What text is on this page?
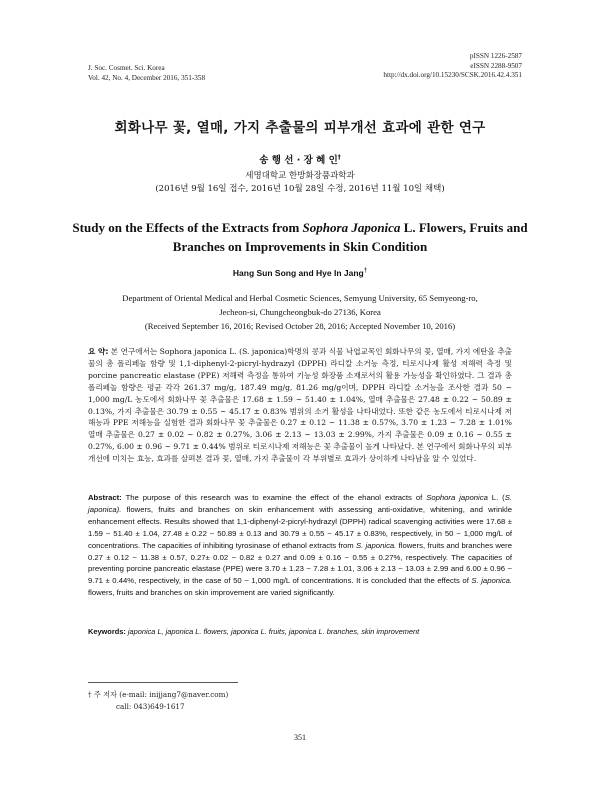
J. Soc. Cosmet. Sci. Korea
Vol. 42, No. 4, December 2016, 351-358
pISSN 1226-2587
eISSN 2288-9507
http://dx.doi.org/10.15230/SCSK.2016.42.4.351
회화나무 꽃, 열매, 가지 추출물의 피부개선 효과에 관한 연구
송 행 선 · 장 혜 인†
세명대학교 한방화장품과학과
(2016년 9월 16일 접수, 2016년 10월 28일 수정, 2016년 11월 10일 채택)
Study on the Effects of the Extracts from Sophora Japonica L. Flowers, Fruits and Branches on Improvements in Skin Condition
Hang Sun Song and Hye In Jang†
Department of Oriental Medical and Herbal Cosmetic Sciences, Semyung University, 65 Semyeong-ro,
Jecheon-si, Chungcheongbuk-do 27136, Korea
(Received September 16, 2016; Revised October 28, 2016; Accepted November 10, 2016)
요 약: 본 연구에서는 Sophora japonica L. (S. japonica)학명의 콩과 식물 낙엽교목인 회화나무의 꽃, 열매, 가지 에탄올 추출물의 총 폴리페놀 함량 및 1,1-diphenyl-2-picryl-hydrazyl (DPPH) 라디칼 소거능 측정, 티로시나제 활성 저해력 측정 및 porcine pancreatic elastase (PPE) 저해력 측정을 통하여 기능성 화장품 소재로서의 활용 가능성을 확인하였다. 그 결과 총 폴리페놀 함량은 평균 각각 261.37 mg/g, 187.49 mg/g, 81.26 mg/g이며, DPPH 라디칼 소거능을 조사한 결과 50 ~ 1,000 mg/L 농도에서 회화나무 꽃 추출물은 17.68 ± 1.59 ~ 51.40 ± 1.04%, 열매 추출물은 27.48 ± 0.22 ~ 50.89 ± 0.13%, 가지 추출물은 30.79 ± 0.55 ~ 45.17 ± 0.83% 범위의 소거 활성을 나타내었다. 또한 같은 농도에서 티로시나제 저해능과 PPE 저해능을 실험한 결과 회화나무 꽃 추출물은 0.27 ± 0.12 ~ 11.38 ± 0.57%, 3.70 ± 1.23 ~ 7.28 ± 1.01% 열매 추출물은 0.27 ± 0.02 ~ 0.82 ± 0.27%, 3.06 ± 2.13 ~ 13.03 ± 2.99%, 가지 추출물은 0.09 ± 0.16 ~ 0.55 ± 0.27%, 6.00 ± 0.96 ~ 9.71 ± 0.44% 범위로 티로시나제 저해능은 꽃 추출물이 높게 나타났다. 본 연구에서 회화나무의 피부개선에 미치는 효능, 효과를 살펴본 결과 꽃, 열매, 가지 추출물이 각 부위별로 효과가 상이하게 나타남을 알 수 있었다.
Abstract: The purpose of this research was to examine the effect of the ehanol extracts of Sophora japonica L. (S. japonica). flowers, fruits and branches on skin enhancement with assessing anti-oxidative, whitening, and wrinkle enhancement effects. Results showed that 1,1-diphenyl-2-picryl-hydrazyl (DPPH) radical scavenging activities were 17.68 ± 1.59 ~ 51.40 ± 1.04, 27.48 ± 0.22 ~ 50.89 ± 0.13 and 30.79 ± 0.55 ~ 45.17 ± 0.83%, respectively, in 50 ~ 1,000 mg/L of concentrations. The capacities of inhibiting tyrosinase of ethanol extracts from S. japonica. flowers, fruits and branches were 0.27 ± 0.12 ~ 11.38 ± 0.57, 0.27± 0.02 ~ 0.82 ± 0.27 and 0.09 ± 0.16 ~ 0.55 ± 0.27%, respectively. The capacities of preventing porcine pancreatic elastase (PPE) were 3.70 ± 1.23 ~ 7.28 ± 1.01, 3.06 ± 2.13 ~ 13.03 ± 2.99 and 6.00 ± 0.96 ~ 9.71 ± 0.44%, respectively, in the case of 50 ~ 1,000 mg/L of concentrations. It is concluded that the effects of S. japonica. flowers, fruits and branches on skin improvement are varied significantly.
Keywords: japonica L, japonica L. flowers, japonica L. fruits, japonica L. branches, skin improvement
† 주 저자 (e-mail: inijjang7@naver.com)
call: 043)649-1617
351
